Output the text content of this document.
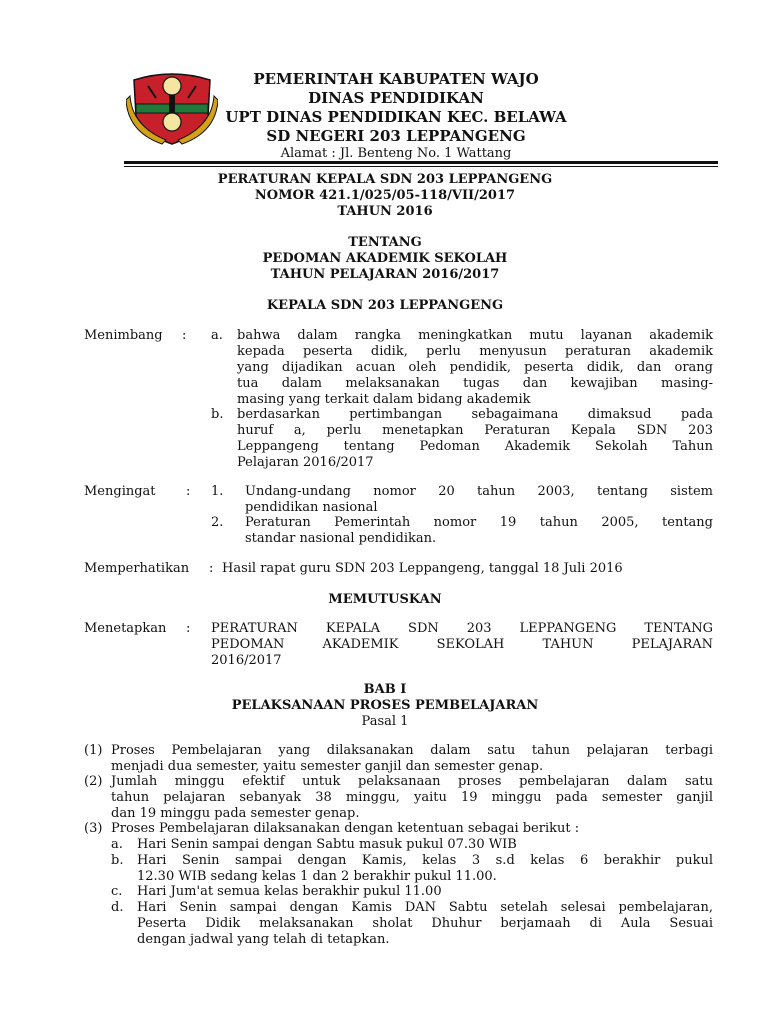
PEMERINTAH KABUPATEN WAJO
DINAS PENDIDIKAN
UPT DINAS PENDIDIKAN KEC. BELAWA
SD NEGERI 203 LEPPANGENG
Alamat : Jl. Benteng No. 1 Wattang
PERATURAN KEPALA SDN 203 LEPPANGENG
NOMOR 421.1/025/05-118/VII/2017
TAHUN 2016
TENTANG
PEDOMAN AKADEMIK SEKOLAH
TAHUN PELAJARAN 2016/2017
KEPALA SDN 203 LEPPANGENG
Menimbang : a. bahwa dalam rangka meningkatkan mutu layanan akademik
kepada peserta didik, perlu menyusun peraturan akademik
yang dijadikan acuan oleh pendidik, peserta didik, dan orang
tua dalam melaksanakan tugas dan kewajiban masing-
masing yang terkait dalam bidang akademik
b. berdasarkan pertimbangan sebagaimana dimaksud pada
huruf a, perlu menetapkan Peraturan Kepala SDN 203
Leppangeng tentang Pedoman Akademik Sekolah Tahun
Pelajaran 2016/2017
Mengingat : 1. Undang-undang nomor 20 tahun 2003, tentang sistem
pendidikan nasional
2. Peraturan Pemerintah nomor 19 tahun 2005, tentang
standar nasional pendidikan.
Memperhatikan : Hasil rapat guru SDN 203 Leppangeng, tanggal 18 Juli 2016
MEMUTUSKAN
Menetapkan : PERATURAN KEPALA SDN 203 LEPPANGENG TENTANG
PEDOMAN AKADEMIK SEKOLAH TAHUN PELAJARAN
2016/2017
BAB I
PELAKSANAAN PROSES PEMBELAJARAN
Pasal 1
(1) Proses Pembelajaran yang dilaksanakan dalam satu tahun pelajaran terbagi
menjadi dua semester, yaitu semester ganjil dan semester genap.
(2) Jumlah minggu efektif untuk pelaksanaan proses pembelajaran dalam satu
tahun pelajaran sebanyak 38 minggu, yaitu 19 minggu pada semester ganjil
dan 19 minggu pada semester genap.
(3) Proses Pembelajaran dilaksanakan dengan ketentuan sebagai berikut :
a. Hari Senin sampai dengan Sabtu masuk pukul 07.30 WIB
b. Hari Senin sampai dengan Kamis, kelas 3 s.d kelas 6 berakhir pukul
12.30 WIB sedang kelas 1 dan 2 berakhir pukul 11.00.
c. Hari Jum'at semua kelas berakhir pukul 11.00
d. Hari Senin sampai dengan Kamis DAN Sabtu setelah selesai pembelajaran,
Peserta Didik melaksanakan sholat Dhuhur berjamaah di Aula Sesuai
dengan jadwal yang telah di tetapkan.
